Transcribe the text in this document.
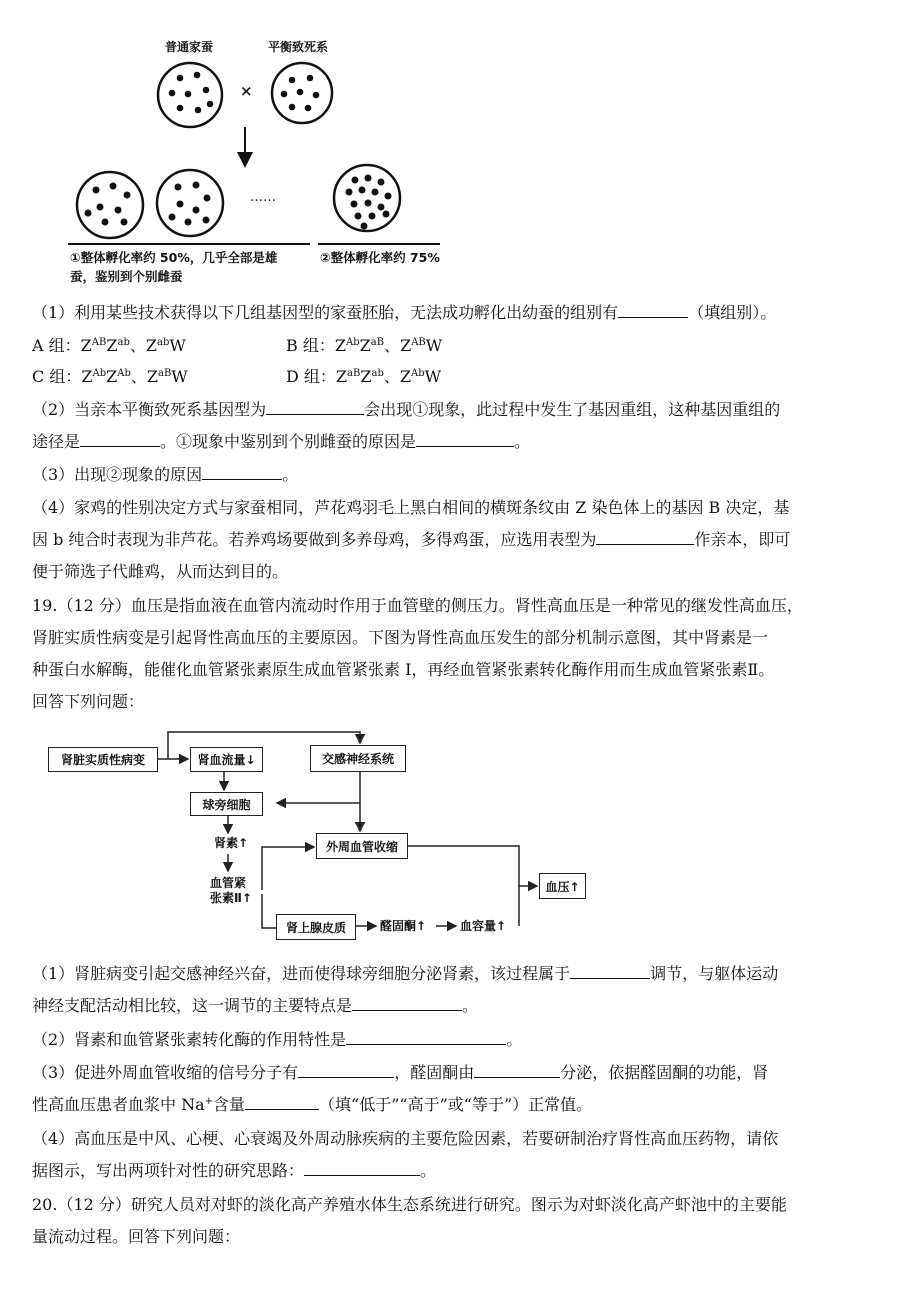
普通家蚕	平衡致死系
×
……
①整体孵化率约 50%，几乎全部是雄
蚕，鉴别到个别雌蚕
②整体孵化率约 75%
（1）利用某些技术获得以下几组基因型的家蚕胚胎，无法成功孵化出幼蚕的组别有	（填组别）。
A 组：$Z^{AB}Z^{ab}$、$Z^{ab}W$	B 组：$Z^{Ab}Z^{aB}$、$Z^{AB}W$
C 组：$Z^{Ab}Z^{Ab}$、$Z^{aB}W$	D 组：$Z^{aB}Z^{ab}$、$Z^{Ab}W$
（2）当亲本平衡致死系基因型为	会出现①现象，此过程中发生了基因重组，这种基因重组的
途径是	。①现象中鉴别到个别雌蚕的原因是	。
（3）出现②现象的原因	。
（4）家鸡的性别决定方式与家蚕相同，芦花鸡羽毛上黑白相间的横斑条纹由 Z 染色体上的基因 B 决定，基
因 b 纯合时表现为非芦花。若养鸡场要做到多养母鸡，多得鸡蛋，应选用表型为	作亲本，即可
便于筛选子代雌鸡，从而达到目的。
19.（12 分）血压是指血液在血管内流动时作用于血管壁的侧压力。肾性高血压是一种常见的继发性高血压，
肾脏实质性病变是引起肾性高血压的主要原因。下图为肾性高血压发生的部分机制示意图，其中肾素是一
种蛋白水解酶，能催化血管紧张素原生成血管紧张素 I，再经血管紧张素转化酶作用而生成血管紧张素Ⅱ。
回答下列问题：
肾脏实质性病变	肾血流量↓	交感神经系统
球旁细胞
肾素↑	外周血管收缩
血压↑
血管紧
张素Ⅱ↑
肾上腺皮质	醛固酮↑	血容量↑
（1）肾脏病变引起交感神经兴奋，进而使得球旁细胞分泌肾素，该过程属于	调节，与躯体运动
神经支配活动相比较，这一调节的主要特点是	。
（2）肾素和血管紧张素转化酶的作用特性是	。
（3）促进外周血管收缩的信号分子有	，醛固酮由	分泌，依据醛固酮的功能，肾
性高血压患者血浆中 Na+含量	（填“低于”“高于”或“等于”）正常值。
（4）高血压是中风、心梗、心衰竭及外周动脉疾病的主要危险因素，若要研制治疗肾性高血压药物，请依
据图示，写出两项针对性的研究思路：	。
20.（12 分）研究人员对对虾的淡化高产养殖水体生态系统进行研究。图示为对虾淡化高产虾池中的主要能
量流动过程。回答下列问题：
